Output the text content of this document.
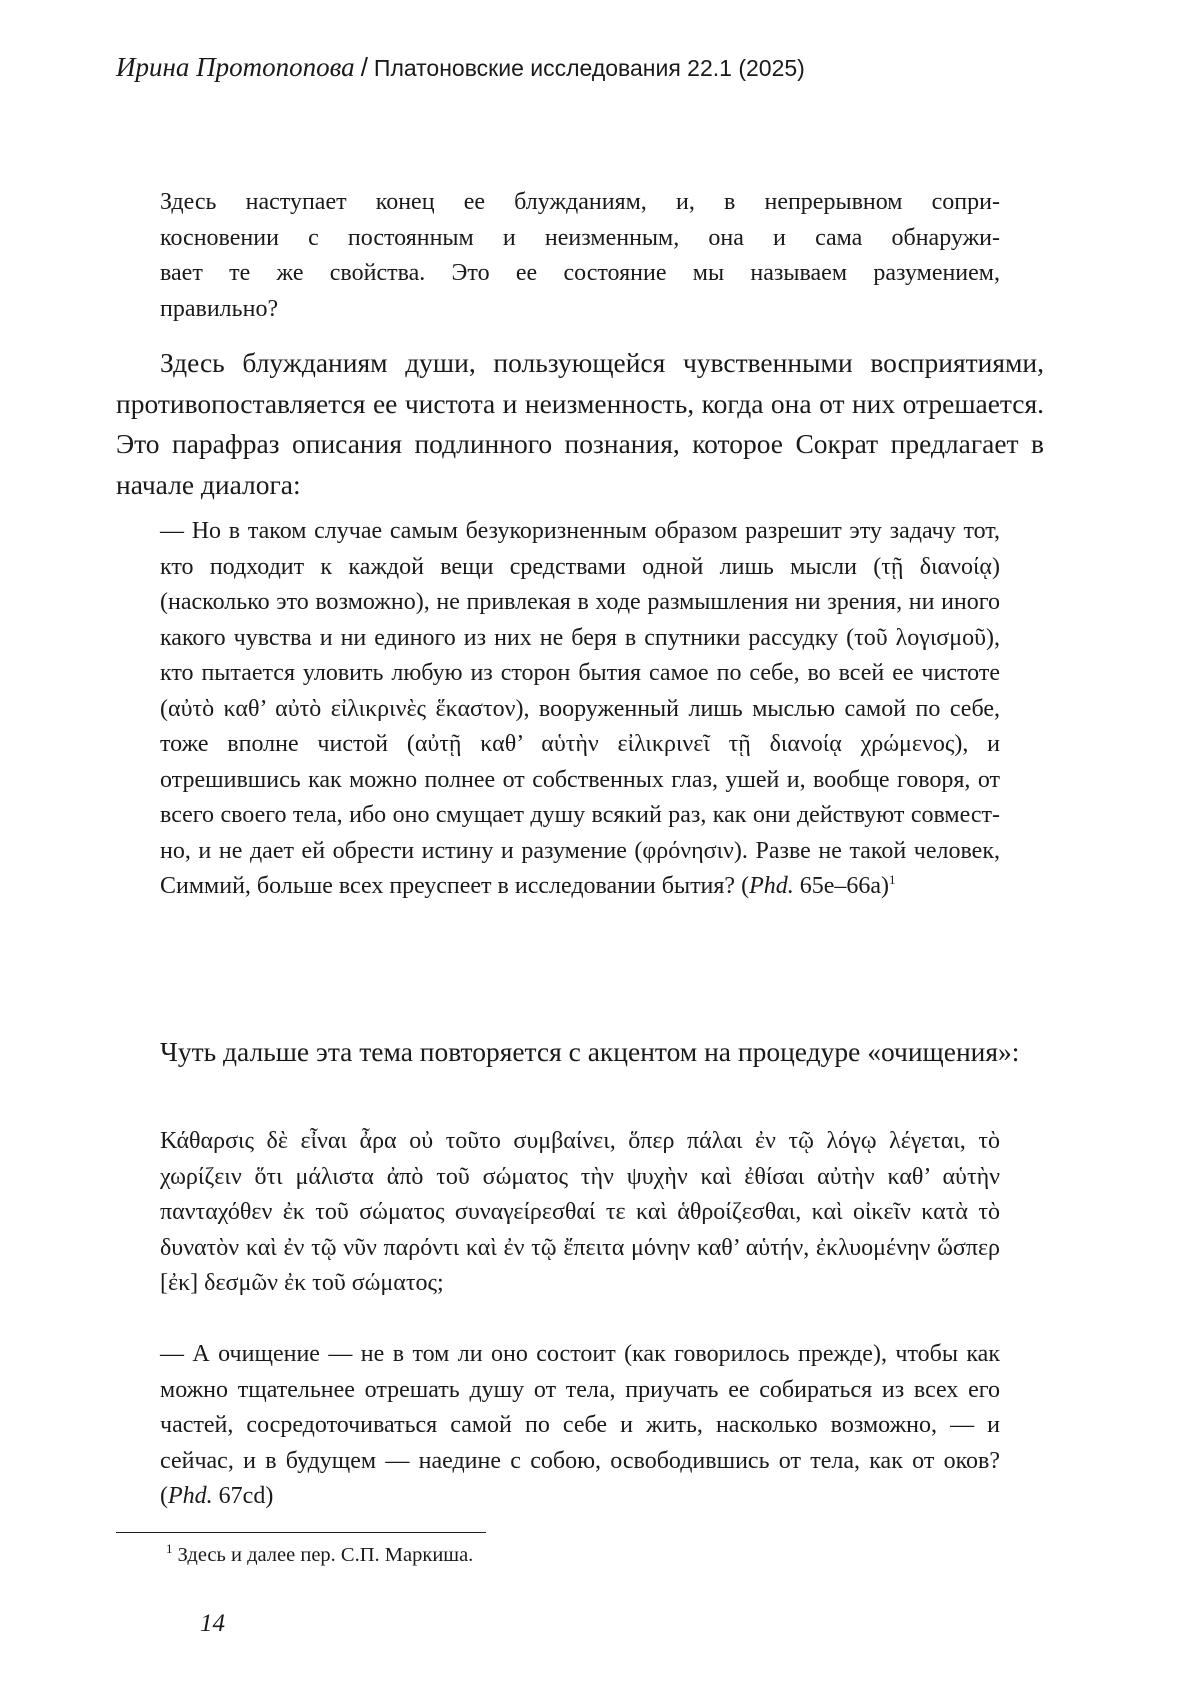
Ирина Протопопова / Платоновские исследования 22.1 (2025)
Здесь наступает конец ее блужданиям, и, в непрерывном сопри-
косновении с постоянным и неизменным, она и сама обнаружи-
вает те же свойства. Это ее состояние мы называем разумением,
правильно?

Здесь блужданиям души, пользующейся чувственными восприятиями, противопоставляется ее чистота и неизменность, когда она от них отрешается. Это парафраз описания подлинного познания, которое Сократ предлагает в начале диалога:

— Но в таком случае самым безукоризненным образом разрешит эту задачу тот, кто подходит к каждой вещи средствами одной лишь мысли (τῇ διανοίᾳ) (насколько это возможно), не привлекая в ходе размышления ни зрения, ни иного какого чувства и ни единого из них не беря в спутники рассудку (τοῦ λογισμοῦ), кто пытается уловить любую из сторон бытия самое по себе, во всей ее чистоте (αὐτὸ καθ’ αὐτὸ εἰλικρινὲς ἕκαστον), вооруженный лишь мыслью самой по себе, тоже вполне чистой (αὐτῇ καθ’ αὑτὴν εἰλικρινεῖ τῇ διανοίᾳ χρώμενος), и отрешившись как можно полнее от собственных глаз, ушей и, вообще говоря, от всего своего тела, ибо оно смущает душу всякий раз, как они действуют совместно, и не дает ей обрести истину и разумение (φρόνησιν). Разве не такой человек, Симмий, больше всех преуспеет в исследовании бытия? (Phd. 65e–66a)$^1$

Чуть дальше эта тема повторяется с акцентом на процедуре «очищения»:

Κάθαρσις δὲ εἶναι ἆρα οὐ τοῦτο συμβαίνει, ὅπερ πάλαι ἐν τῷ λόγῳ λέγεται, τὸ χωρίζειν ὅτι μάλιστα ἀπὸ τοῦ σώματος τὴν ψυχὴν καὶ ἐθίσαι αὐτὴν καθ’ αὑτὴν πανταχόθεν ἐκ τοῦ σώματος συναγείρεσθαί τε καὶ ἁθροίζεσθαι, καὶ οἰκεῖν κατὰ τὸ δυνατὸν καὶ ἐν τῷ νῦν παρόντι καὶ ἐν τῷ ἔπειτα μόνην καθ’ αὑτήν, ἐκλυομένην ὥσπερ [ἐκ] δεσμῶν ἐκ τοῦ σώματος;
— А очищение — не в том ли оно состоит (как говорилось прежде), чтобы как можно тщательнее отрешать душу от тела, приучать ее собираться из всех его частей, сосредоточиваться самой по себе и жить, насколько возможно, — и сейчас, и в будущем — наедине с собою, освободившись от тела, как от оков? (Phd. 67cd)
$^1$ Здесь и далее пер. С.П. Маркиша.
14
